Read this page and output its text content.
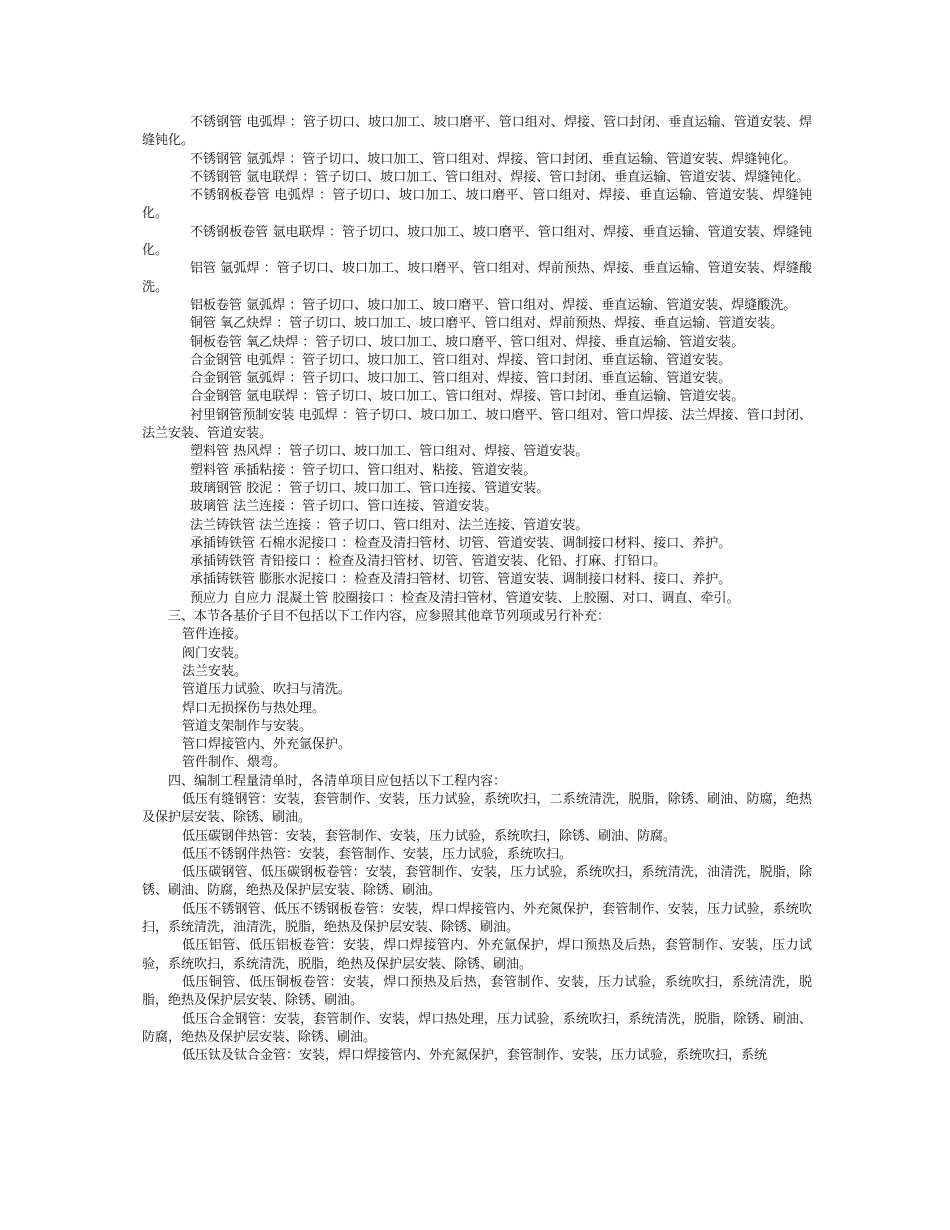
不锈钢管 电弧焊 ：管子切口、坡口加工、坡口磨平、管口组对、焊接、管口封闭、垂直运输、管道安装、焊缝钝化。

不锈钢管 氩弧焊 ：管子切口、坡口加工、管口组对、焊接、管口封闭、垂直运输、管道安装、焊缝钝化。

不锈钢管 氩电联焊 ：管子切口、坡口加工、管口组对、焊接、管口封闭、垂直运输、管道安装、焊缝钝化。

不锈钢板卷管 电弧焊 ：管子切口、坡口加工、坡口磨平、管口组对、焊接、垂直运输、管道安装、焊缝钝化。

不锈钢板卷管 氩电联焊 ：管子切口、坡口加工、坡口磨平、管口组对、焊接、垂直运输、管道安装、焊缝钝化。

铝管 氩弧焊 ：管子切口、坡口加工、坡口磨平、管口组对、焊前预热、焊接、垂直运输、管道安装、焊缝酸洗。

铝板卷管 氩弧焊 ：管子切口、坡口加工、坡口磨平、管口组对、焊接、垂直运输、管道安装、焊缝酸洗。

铜管 氧乙炔焊 ：管子切口、坡口加工、坡口磨平、管口组对、焊前预热、焊接、垂直运输、管道安装。

铜板卷管 氧乙炔焊 ：管子切口、坡口加工、坡口磨平、管口组对、焊接、垂直运输、管道安装。

合金钢管 电弧焊 ：管子切口、坡口加工、管口组对、焊接、管口封闭、垂直运输、管道安装。

合金钢管 氩弧焊 ：管子切口、坡口加工、管口组对、焊接、管口封闭、垂直运输、管道安装。

合金钢管 氩电联焊 ：管子切口、坡口加工、管口组对、焊接、管口封闭、垂直运输、管道安装。

衬里钢管预制安装 电弧焊 ：管子切口、坡口加工、坡口磨平、管口组对、管口焊接、法兰焊接、管口封闭、法兰安装、管道安装。

塑料管 热风焊 ：管子切口、坡口加工、管口组对、焊接、管道安装。

塑料管 承插粘接 ：管子切口、管口组对、粘接、管道安装。

玻璃钢管 胶泥 ：管子切口、坡口加工、管口连接、管道安装。

玻璃管 法兰连接 ：管子切口、管口连接、管道安装。

法兰铸铁管 法兰连接 ：管子切口、管口组对、法兰连接、管道安装。

承插铸铁管 石棉水泥接口 ：检查及清扫管材、切管、管道安装、调制接口材料、接口、养护。

承插铸铁管 青铅接口 ：检查及清扫管材、切管、管道安装、化铅、打麻、打铅口。

承插铸铁管 膨胀水泥接口 ：检查及清扫管材、切管、管道安装、调制接口材料、接口、养护。

预应力 自应力 混凝土管 胶圈接口 ：检查及清扫管材、管道安装、上胶圈、对口、调直、牵引。

三、本节各基价子目不包括以下工作内容，应参照其他章节列项或另行补充：

管件连接。

阀门安装。

法兰安装。

管道压力试验、吹扫与清洗。

焊口无损探伤与热处理。

管道支架制作与安装。

管口焊接管内、外充氩保护。

管件制作、煨弯。

四、编制工程量清单时，各清单项目应包括以下工程内容：

低压有缝钢管：安装，套管制作、安装，压力试验，系统吹扫，二系统清洗，脱脂，除锈、刷油、防腐，绝热及保护层安装、除锈、刷油。

低压碳钢伴热管：安装，套管制作、安装，压力试验，系统吹扫，除锈、刷油、防腐。

低压不锈钢伴热管：安装，套管制作、安装，压力试验，系统吹扫。

低压碳钢管、低压碳钢板卷管：安装，套管制作、安装，压力试验，系统吹扫，系统清洗，油清洗，脱脂，除锈、刷油、防腐，绝热及保护层安装、除锈、刷油。

低压不锈钢管、低压不锈钢板卷管：安装，焊口焊接管内、外充氮保护，套管制作、安装，压力试验，系统吹扫，系统清洗，油清洗，脱脂，绝热及保护层安装、除锈、刷油。

低压铝管、低压铝板卷管：安装，焊口焊接管内、外充氩保护，焊口预热及后热，套管制作、安装，压力试验，系统吹扫，系统清洗，脱脂，绝热及保护层安装、除锈、刷油。

低压铜管、低压铜板卷管：安装，焊口预热及后热，套管制作、安装，压力试验，系统吹扫，系统清洗，脱脂，绝热及保护层安装、除锈、刷油。

低压合金钢管：安装，套管制作、安装，焊口热处理，压力试验，系统吹扫，系统清洗，脱脂，除锈、刷油、防腐，绝热及保护层安装、除锈、刷油。

低压钛及钛合金管：安装，焊口焊接管内、外充氮保护，套管制作、安装，压力试验，系统吹扫，系统
